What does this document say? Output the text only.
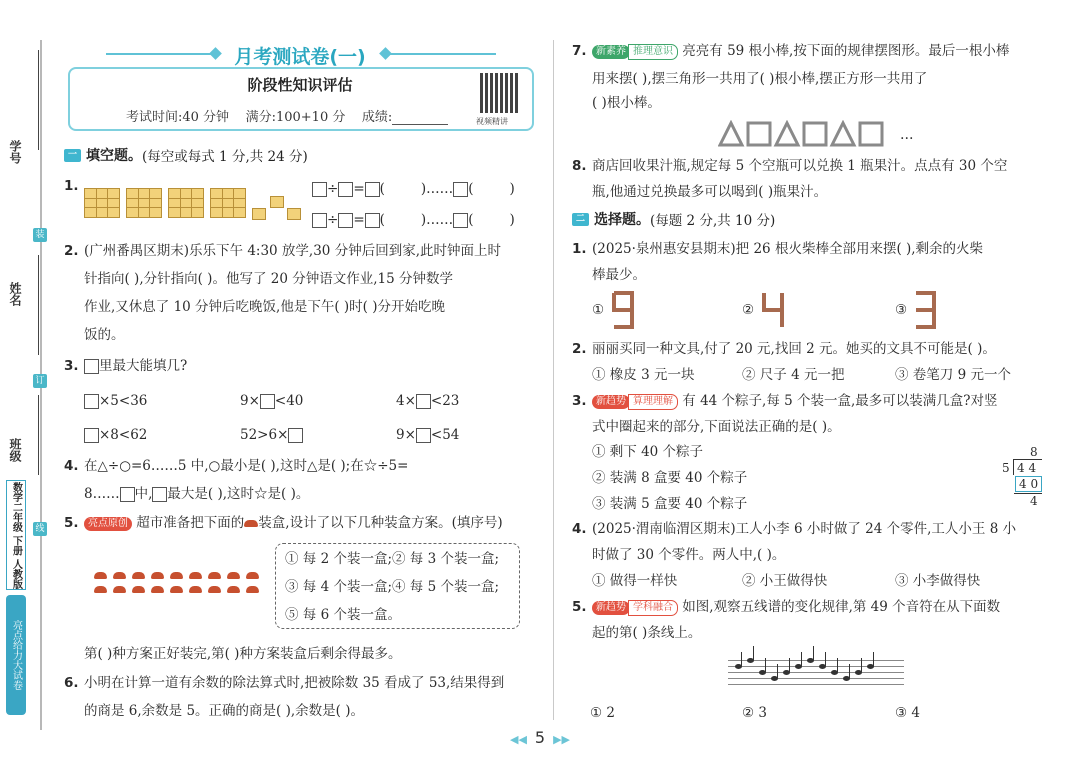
学号
装
姓名
订
班级
线
数学二年级 下册 人教版
亮点给力大试卷
月考测试卷(一)
阶段性知识评估
考试时间:40 分钟 满分:100+10 分 成绩:	视频精讲
一 填空题。 (每空或每式 1 分,共 24 分)
1.	÷ = (	)…… (	)
÷ = (	)…… (	)
2. (广州番禺区期末)乐乐下午 4:30 放学,30 分钟后回到家,此时钟面上时
针指向( ),分针指向( )。他写了 20 分钟语文作业,15 分钟数学
作业,又休息了 10 分钟后吃晚饭,他是下午( )时( )分开始吃晚
饭的。
3.	里最大能填几?
×5<36	9× <40	4× <23
×8<62	52>6×	9× <54
4. 在△÷○=6……5 中,○最小是( ),这时△是( );在☆÷5=
8…… 中, 最大是( ),这时☆是( )。
5. 亮点原创 超市准备把下面的 装盒,设计了以下几种装盒方案。(填序号)
① 每 2 个装一盒;② 每 3 个装一盒;
③ 每 4 个装一盒;④ 每 5 个装一盒;
⑤ 每 6 个装一盒。
第( )种方案正好装完,第( )种方案装盒后剩余得最多。
6. 小明在计算一道有余数的除法算式时,把被除数 35 看成了 53,结果得到
的商是 6,余数是 5。正确的商是( ),余数是( )。
7. 新素养 推理意识 亮亮有 59 根小棒,按下面的规律摆图形。最后一根小棒
用来摆( ),摆三角形一共用了( )根小棒,摆正方形一共用了
( )根小棒。
…
8. 商店回收果汁瓶,规定每 5 个空瓶可以兑换 1 瓶果汁。点点有 30 个空
瓶,他通过兑换最多可以喝到( )瓶果汁。
二 选择题。 (每题 2 分,共 10 分)
1. (2025·泉州惠安县期末)把 26 根火柴棒全部用来摆( ),剩余的火柴
棒最少。
①	②	③
2. 丽丽买同一种文具,付了 20 元,找回 2 元。她买的文具不可能是( )。
① 橡皮 3 元一块	② 尺子 4 元一把	③ 卷笔刀 9 元一个
3. 新趋势 算理理解 有 44 个粽子,每 5 个装一盒,最多可以装满几盒?对竖
式中圈起来的部分,下面说法正确的是( )。
① 剩下 40 个粽子
② 装满 8 盒要 40 个粽子
③ 装满 5 盒要 40 个粽子
8
5 4 4
4 0
4
4. (2025·渭南临渭区期末)工人小李 6 小时做了 24 个零件,工人小王 8 小
时做了 30 个零件。两人中,( )。
① 做得一样快	② 小王做得快	③ 小李做得快
5. 新趋势 学科融合 如图,观察五线谱的变化规律,第 49 个音符在从下面数
起的第( )条线上。
① 2	② 3	③ 4
◀◀ 5 ▶▶
